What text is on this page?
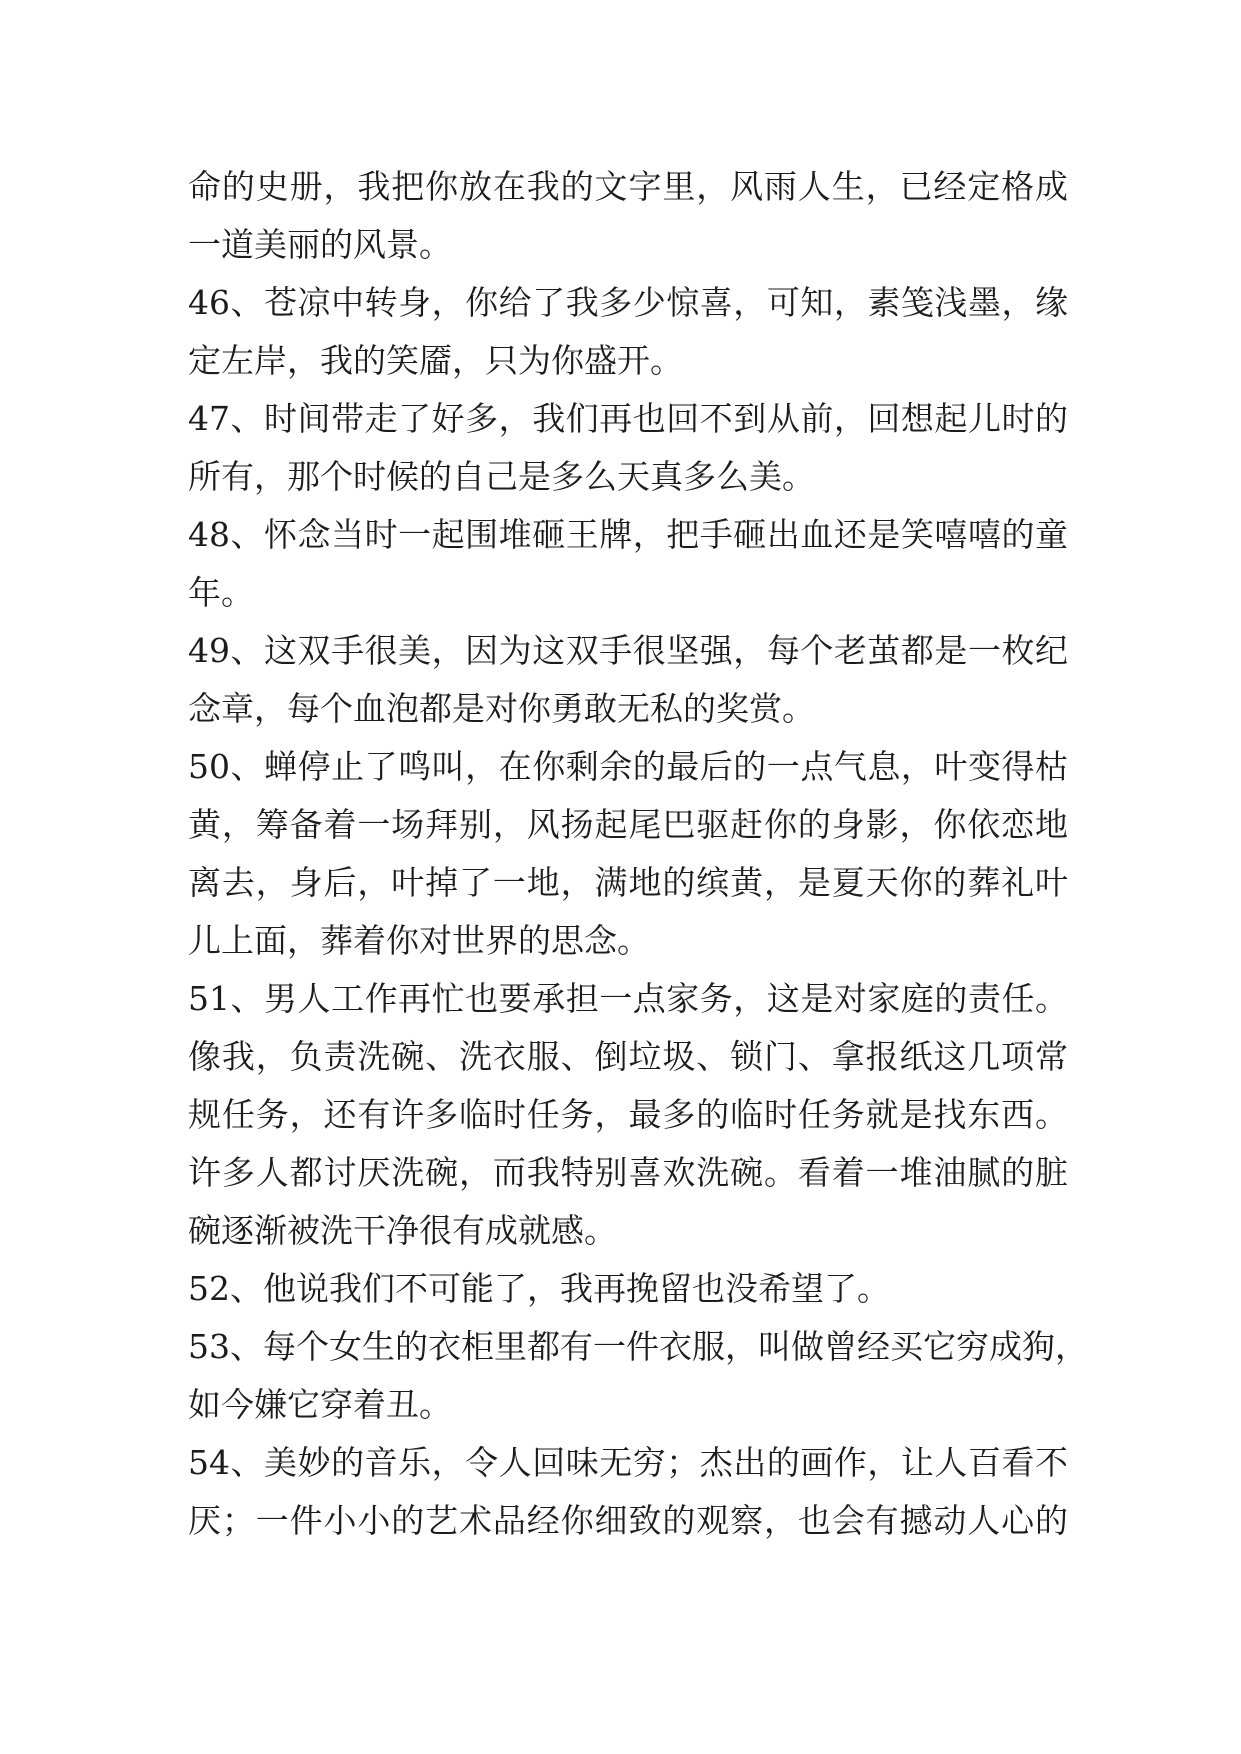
命的史册，我把你放在我的文字里，风雨人生，已经定格成
一道美丽的风景。
46、苍凉中转身，你给了我多少惊喜，可知，素笺浅墨，缘
定左岸，我的笑靥，只为你盛开。
47、时间带走了好多，我们再也回不到从前，回想起儿时的
所有，那个时候的自己是多么天真多么美。
48、怀念当时一起围堆砸王牌，把手砸出血还是笑嘻嘻的童
年。
49、这双手很美，因为这双手很坚强，每个老茧都是一枚纪
念章，每个血泡都是对你勇敢无私的奖赏。
50、蝉停止了鸣叫，在你剩余的最后的一点气息，叶变得枯
黄，筹备着一场拜别，风扬起尾巴驱赶你的身影，你依恋地
离去，身后，叶掉了一地，满地的缤黄，是夏天你的葬礼叶
儿上面，葬着你对世界的思念。
51、男人工作再忙也要承担一点家务，这是对家庭的责任。
像我，负责洗碗、洗衣服、倒垃圾、锁门、拿报纸这几项常
规任务，还有许多临时任务，最多的临时任务就是找东西。
许多人都讨厌洗碗，而我特别喜欢洗碗。看着一堆油腻的脏
碗逐渐被洗干净很有成就感。
52、他说我们不可能了，我再挽留也没希望了。
53、每个女生的衣柜里都有一件衣服，叫做曾经买它穷成狗，
如今嫌它穿着丑。
54、美妙的音乐，令人回味无穷；杰出的画作，让人百看不
厌；一件小小的艺术品经你细致的观察，也会有撼动人心的
